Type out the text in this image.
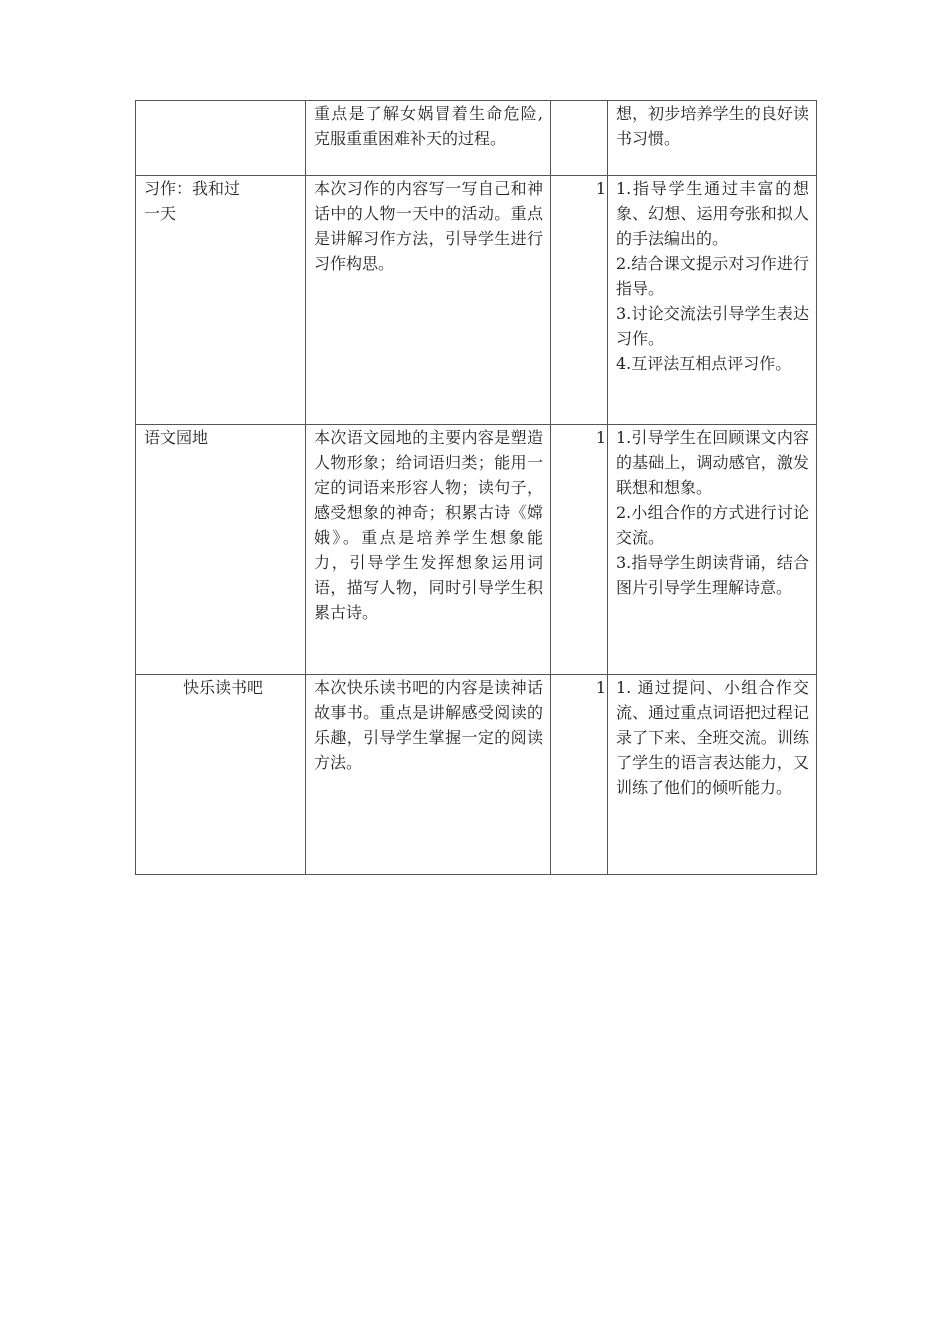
	重点是了解女娲冒着生命危险,克服重重困难补天的过程。		想，初步培养学生的良好读书习惯。

习作：我和过一天	本次习作的内容写一写自己和神话中的人物一天中的活动。重点是讲解习作方法，引导学生进行习作构思。	1	1.指导学生通过丰富的想象、幻想、运用夸张和拟人的手法编出的。
2.结合课文提示对习作进行指导。
3.讨论交流法引导学生表达习作。
4.互评法互相点评习作。

语文园地	本次语文园地的主要内容是塑造人物形象；给词语归类；能用一定的词语来形容人物；读句子，感受想象的神奇；积累古诗《嫦娥》。重点是培养学生想象能力，引导学生发挥想象运用词语，描写人物，同时引导学生积累古诗。	1	1.引导学生在回顾课文内容的基础上，调动感官，激发联想和想象。
2.小组合作的方式进行讨论交流。
3.指导学生朗读背诵，结合图片引导学生理解诗意。

快乐读书吧	本次快乐读书吧的内容是读神话故事书。重点是讲解感受阅读的乐趣，引导学生掌握一定的阅读方法。	1	1. 通过提问、小组合作交流、通过重点词语把过程记录了下来、全班交流。训练了学生的语言表达能力，又训练了他们的倾听能力。
